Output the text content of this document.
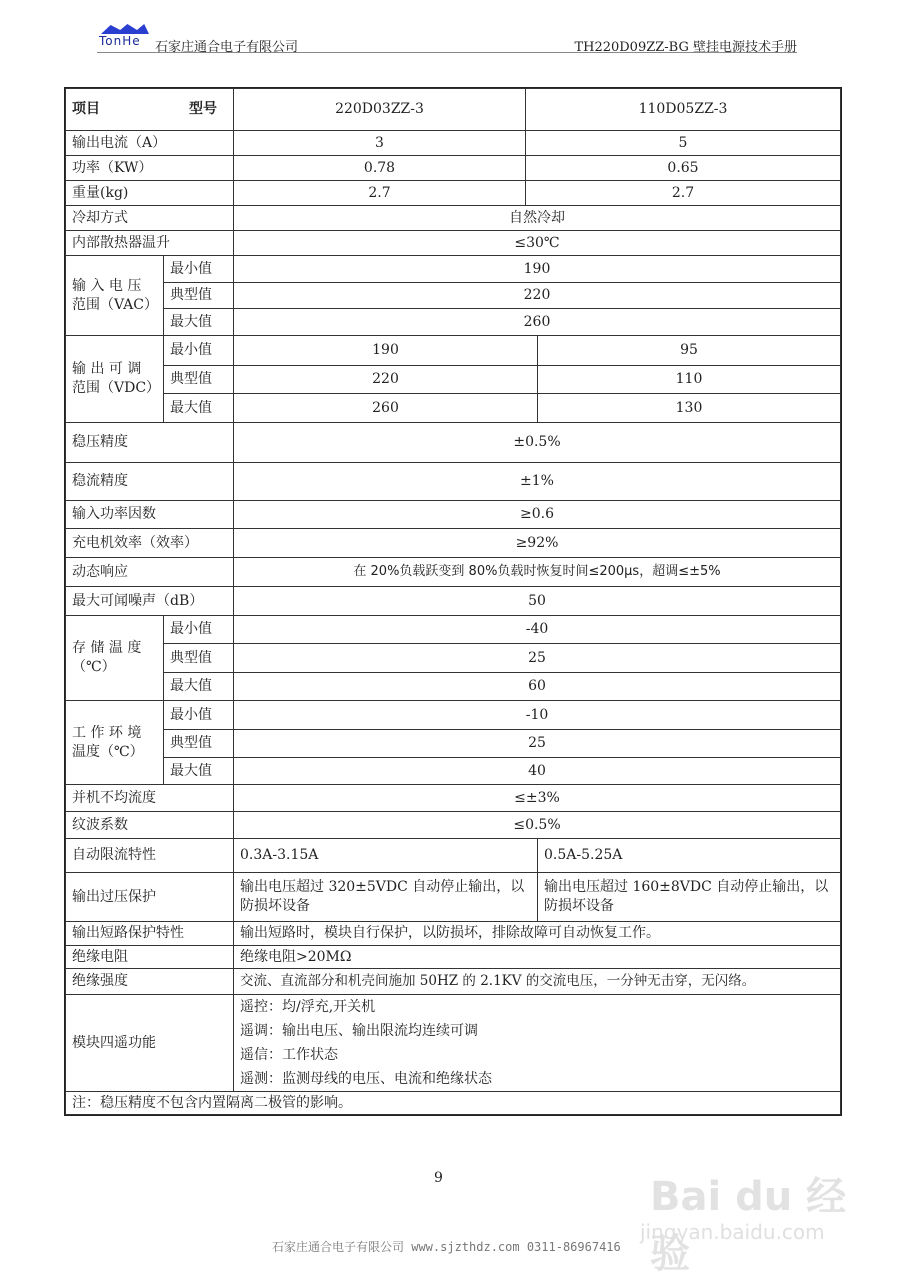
TonHe 石家庄通合电子有限公司	TH220D09ZZ-BG 壁挂电源技术手册
项目 型号		220D03ZZ-3	110D05ZZ-3	
输出电流（A）		3	5	
功率（KW）		0.78	0.65	
重量(kg)		2.7	2.7	
冷却方式		自然冷却		
内部散热器温升		≤30℃		
输 入 电 压 范围（VAC）	最小值	190		
	典型值	220		
	最大值	260		
输 出 可 调 范围（VDC）	最小值	190		95
	典型值	220		110
	最大值	260		130
稳压精度		±0.5%		
稳流精度		±1%		
输入功率因数		≥0.6		
充电机效率（效率）		≥92%		
动态响应		在 20%负载跃变到 80%负载时恢复时间≤200μs，超调≤±5%		
最大可闻噪声（dB）		50		
存 储 温 度 （℃）	最小值	-40		
	典型值	25		
	最大值	60		
工 作 环 境 温度（℃）	最小值	-10		
	典型值	25		
	最大值	40		
并机不均流度		≤±3%		
纹波系数		≤0.5%		
自动限流特性		0.3A-3.15A		0.5A-5.25A
输出过压保护		输出电压超过 320±5VDC 自动停止输出，以防损坏设备		输出电压超过 160±8VDC 自动停止输出，以防损坏设备
输出短路保护特性		输出短路时，模块自行保护，以防损坏，排除故障可自动恢复工作。		
绝缘电阻		绝缘电阻>20MΩ		
绝缘强度		交流、直流部分和机壳间施加 50HZ 的 2.1KV 的交流电压，一分钟无击穿，无闪络。		
模块四遥功能		遥控：均/浮充,开关机
遥调：输出电压、输出限流均连续可调
遥信：工作状态
遥测：监测母线的电压、电流和绝缘状态		

注：稳压精度不包含内置隔离二极管的影响。				
9	Bai du 经验
jingyan.baidu.com
石家庄通合电子有限公司 www.sjzthdz.com 0311-86967416
